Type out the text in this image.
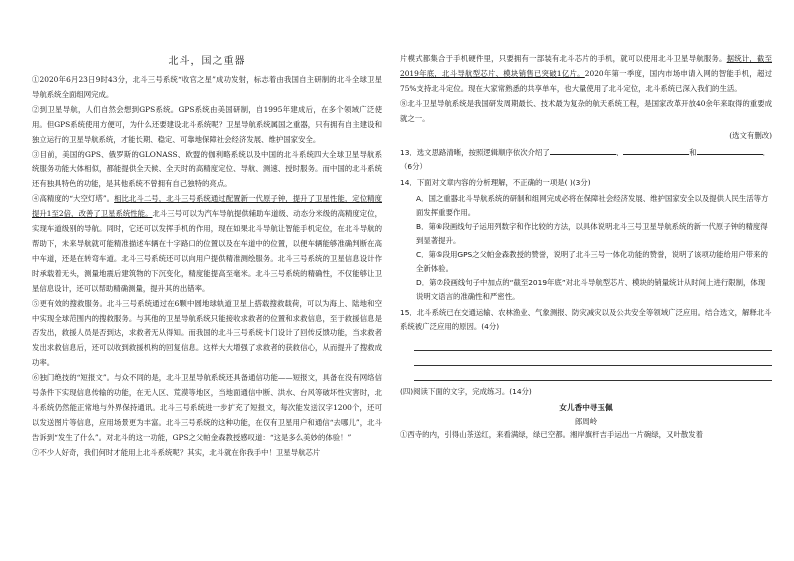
北斗，国之重器

①2020年6月23日9时43分，北斗三号系统“收官之星”成功发射，标志着由我国自主研制的北斗全球卫星导航系统全面组网完成。

②到卫星导航，人们自然会想到GPS系统。GPS系统由美国研制，自1995年建成后，在多个领域广泛使用。但GPS系统使用方便可，为什么还要建设北斗系统呢？卫星导航系统属国之重器，只有拥有自主建设和独立运行的卫星导航系统，才能长期、稳定、可靠地保障社会经济发展、维护国家安全。

③目前，美国的GPS、俄罗斯的GLONASS、欧盟的伽利略系统以及中国的北斗系统四大全球卫星导航系统服务功能大体相似，都能提供全天候、全天时的高精度定位、导航、测速、授时服务。而中国的北斗系统还有独具特色的功能，是其他系统不曾拥有自己独特的亮点。

④高精度的“大空灯塔”。相比北斗二号，北斗三号系统通过配置新一代原子钟，提升了卫星性能，定位精度提升1至2倍，改善了卫星系统性能。北斗三号可以为汽车导航提供辅助车道级、动态分米级的高精度定位，实现车道级别的导航。同时，它还可以发挥手机的作用，现在如果北斗导航让智能手机定位，在北斗导航的帮助下，未来导航就可能精准描述车辆在十字路口的位置以及在车道中的位置，以便车辆能够准确判断在高中车道，还是在转弯车道。北斗三号系统还可以向用户提供精准测绘服务。北斗三号系统的卫星信息设计作时承载着无头，测量地震后建筑物的下沉变化，精度能提高至毫米。北斗三号系统的精确性，不仅能够让卫星信息设计，还可以帮助精确测量，提升其的出错率。

⑤更有效的搜救服务。北斗三号系统通过在6颗中圆地球轨道卫星上搭载搜救载荷，可以为海上、陆地和空中实现全球范围内的搜救服务。与其他的卫星导航系统只能接收求救者的位置和求救信息，至于救援信息是否发出，救援人员是否到达，求救者无从得知。而我国的北斗三号系统卡门设计了回传反馈功能，当求救者发出求救信息后，还可以收到救援机构的回复信息。这样大大增强了求救者的获救信心，从而提升了搜救成功率。

⑥独门绝技的“短报文”。与众不同的是，北斗卫星导航系统还具备通信功能——短报文，具备在没有网络信号条件下实现信息传输的功能，在无人区、荒漠等地区，当地面通信中断、洪水、台风等破坏性灾害时，北斗系统仍然能正常地与外界保持通讯。北斗三号系统进一步扩充了短报文，每次能发送汉字1200个，还可以发送图片等信息，应用场景更为丰富。北斗三号系统的这种功能，在仅有卫星用户和通信“去哪儿”，北斗告诉到“发生了什么”。对北斗的这一功能，GPS之父帕金森教授感叹道：“这是多么美妙的体验！”

⑦不少人好奇，我们何时才能用上北斗系统呢？其实，北斗就在你我手中！卫星导航芯片

片模式都集合于手机硬件里，只要拥有一部装有北斗芯片的手机，就可以使用北斗卫星导航服务。据统计，截至2019年底，北斗导航型芯片、模块销售已突破1亿片。2020年第一季度，国内市场申请入网的智能手机，超过75%支持北斗定位。现在大家常熟悉的共享单车，也大量使用了北斗定位，北斗系统已深入我们的生活。

⑧北斗卫星导航系统是我国研发周期最长、技术最为复杂的航天系统工程，是国家改革开放40余年来取得的重要成就之一。

(选文有删改)

13．选文思路清晰，按照逻辑顺序依次介绍了	、	和	．（6分）

14．下面对文章内容的分析理解，不正确的一项是( )(3分)

A．国之重器北斗导航系统的研制和组网完成必将在保障社会经济发展、维护国家安全以及提供人民生活等方面发挥重要作用。

B．第⑥段画线句子运用列数字和作比较的方法，以具体说明北斗三号卫星导航系统的新一代原子钟的精度得到显著提升。

C．第⑤段用GPS之父帕金森教授的赞誉，说明了北斗三号一体化功能的赞誉，说明了该项功能给用户带来的全新体验。

D．第⑦段画线句子中加点的“截至2019年底”对北斗导航型芯片、模块的销量统计从时间上进行限制，体现说明文语言的准确性和严密性。

15．北斗系统已在交通运输、农林渔业、气象测报、防灾减灾以及公共安全等领域广泛应用。结合选文，解释北斗系统被广泛应用的原因。(4分)

(四)阅读下面的文字，完成练习。(14分)

女儿香中寻玉佩

郎周岭

①西寺的内，引得山茶送红，来看满绿，绿已空都。湘岸旗杆吉手运出一片碗绿，又叶散发着
